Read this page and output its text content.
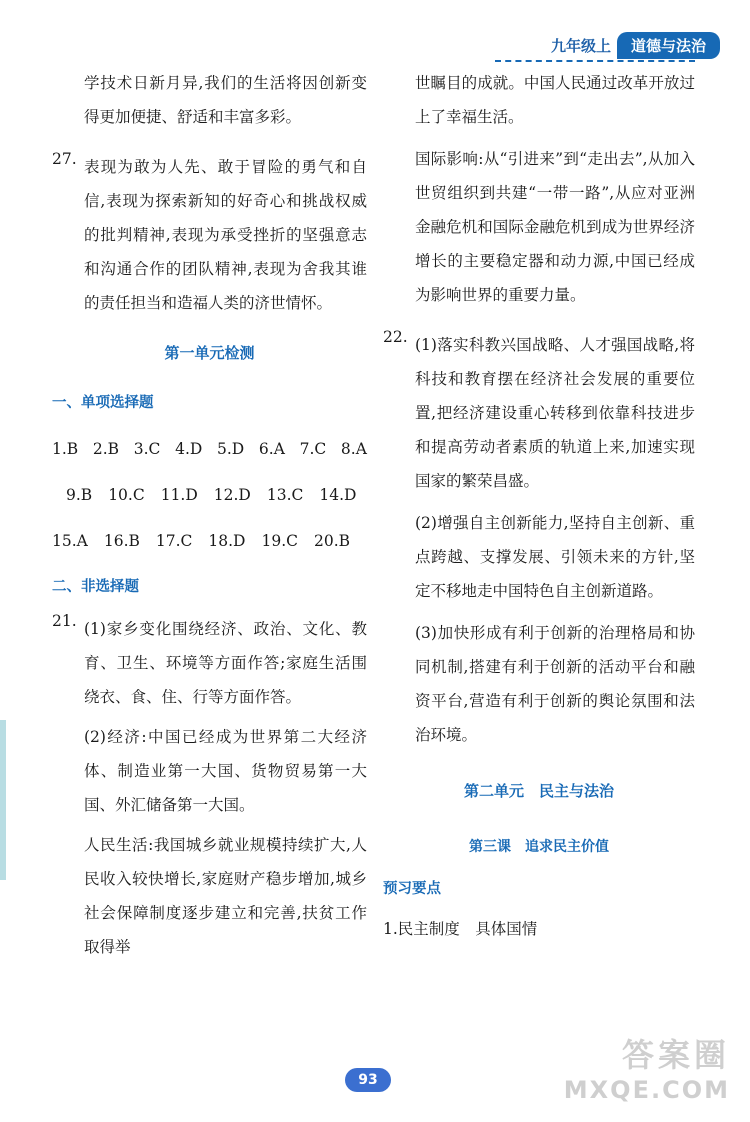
九年级上	道德与法治

学技术日新月异,我们的生活将因创新变得更加便捷、舒适和丰富多彩。

27. 表现为敢为人先、敢于冒险的勇气和自信,表现为探索新知的好奇心和挑战权威的批判精神,表现为承受挫折的坚强意志和沟通合作的团队精神,表现为舍我其谁的责任担当和造福人类的济世情怀。

第一单元检测
一、单项选择题
1.B 2.B 3.C 4.D 5.D 6.A 7.C 8.A
9.B 10.C 11.D 12.D 13.C 14.D
15.A 16.B 17.C 18.D 19.C 20.B
二、非选择题
21. (1)家乡变化围绕经济、政治、文化、教育、卫生、环境等方面作答;家庭生活围绕衣、食、住、行等方面作答。

(2)经济:中国已经成为世界第二大经济体、制造业第一大国、货物贸易第一大国、外汇储备第一大国。

人民生活:我国城乡就业规模持续扩大,人民收入较快增长,家庭财产稳步增加,城乡社会保障制度逐步建立和完善,扶贫工作取得举

世瞩目的成就。中国人民通过改革开放过上了幸福生活。

国际影响:从“引进来”到“走出去”,从加入世贸组织到共建“一带一路”,从应对亚洲金融危机和国际金融危机到成为世界经济增长的主要稳定器和动力源,中国已经成为影响世界的重要力量。

22. (1)落实科教兴国战略、人才强国战略,将科技和教育摆在经济社会发展的重要位置,把经济建设重心转移到依靠科技进步和提高劳动者素质的轨道上来,加速实现国家的繁荣昌盛。

(2)增强自主创新能力,坚持自主创新、重点跨越、支撑发展、引领未来的方针,坚定不移地走中国特色自主创新道路。

(3)加快形成有利于创新的治理格局和协同机制,搭建有利于创新的活动平台和融资平台,营造有利于创新的舆论氛围和法治环境。

第二单元　民主与法治
第三课　追求民主价值
预习要点

1.民主制度　具体国情

93
答案圈
MXQE.COM
